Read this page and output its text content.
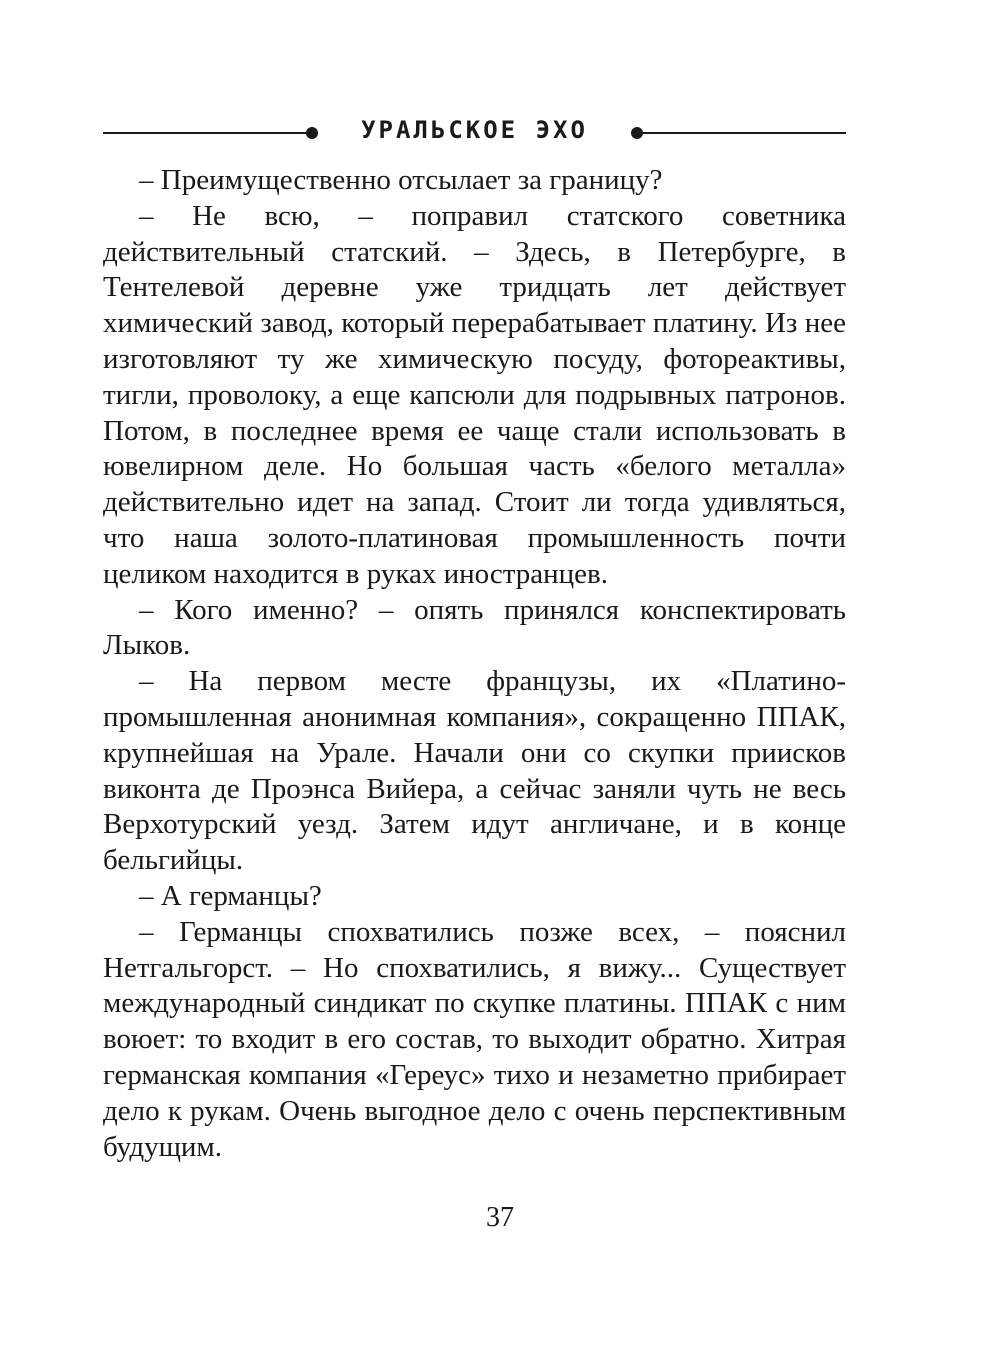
УРАЛЬСКОЕ ЭХО

– Преимущественно отсылает за границу?

– Не всю, – поправил статского советника действительный статский. – Здесь, в Петербурге, в Тентелевой деревне уже тридцать лет действует химический завод, который перерабатывает платину. Из нее изготовляют ту же химическую посуду, фотореактивы, тигли, проволоку, а еще капсюли для подрывных патронов. Потом, в последнее время ее чаще стали использовать в ювелирном деле. Но большая часть «белого металла» действительно идет на запад. Стоит ли тогда удивляться, что наша золото-платиновая промышленность почти целиком находится в руках иностранцев.

– Кого именно? – опять принялся конспектировать Лыков.

– На первом месте французы, их «Платино-промышленная анонимная компания», сокращенно ППАК, крупнейшая на Урале. Начали они со скупки приисков виконта де Проэнса Вийера, а сейчас заняли чуть не весь Верхотурский уезд. Затем идут англичане, и в конце бельгийцы.

– А германцы?

– Германцы спохватились позже всех, – пояснил Нетгальгорст. – Но спохватились, я вижу... Существует международный синдикат по скупке платины. ППАК с ним воюет: то входит в его состав, то выходит обратно. Хитрая германская компания «Гереус» тихо и незаметно прибирает дело к рукам. Очень выгодное дело с очень перспективным будущим.

37
